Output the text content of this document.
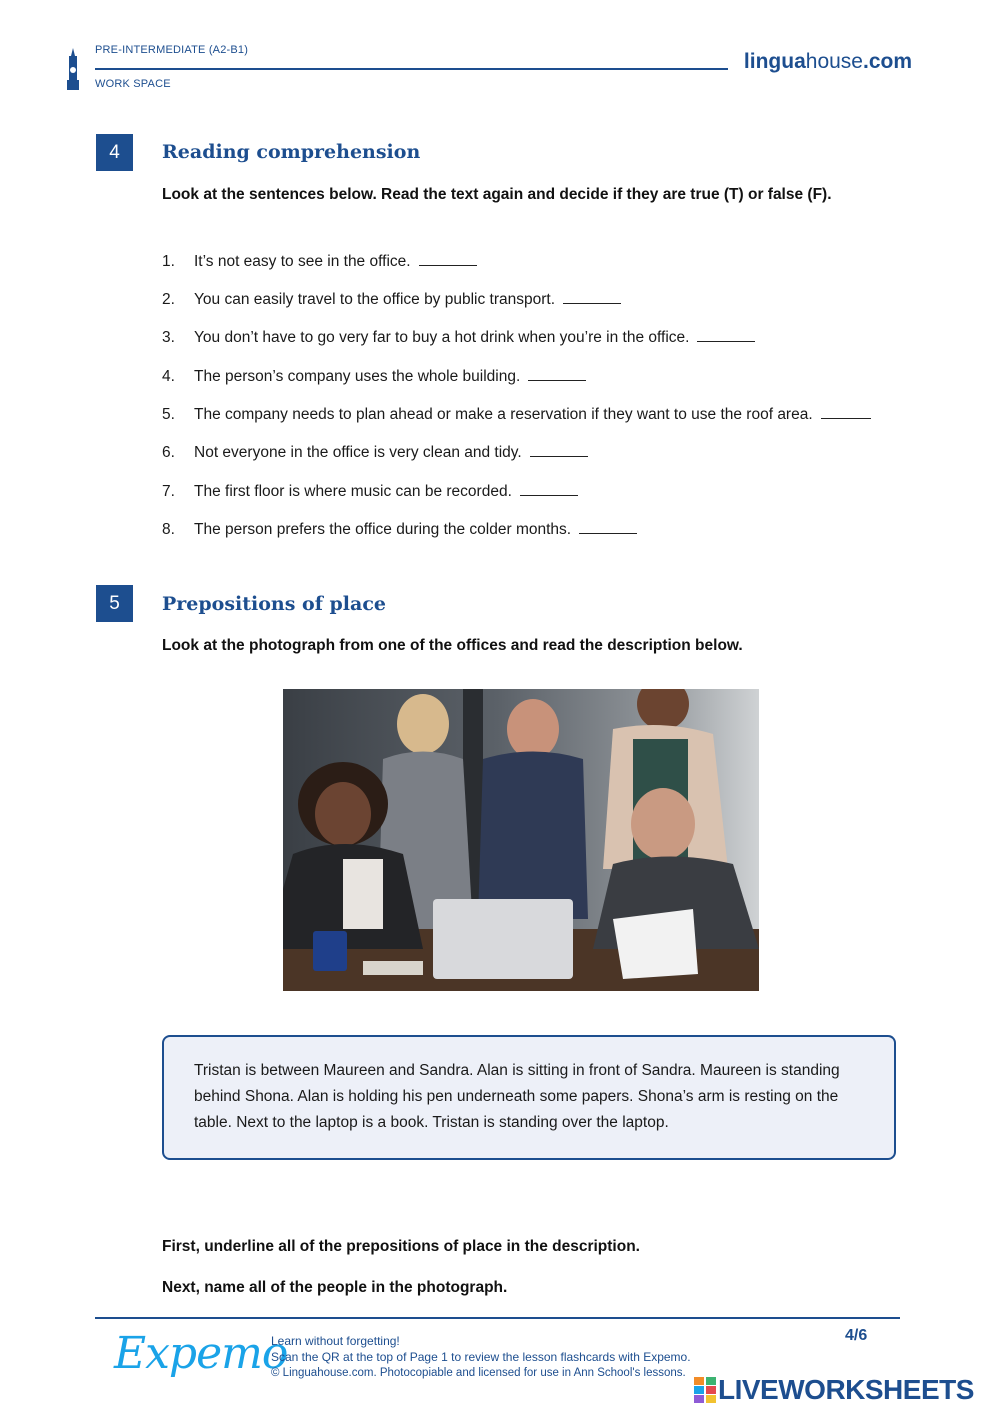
PRE-INTERMEDIATE (A2-B1)
WORK SPACE
linguahouse.com
4	Reading comprehension
Look at the sentences below. Read the text again and decide if they are true (T) or false (F).
1.	It’s not easy to see in the office.
2.	You can easily travel to the office by public transport.
3.	You don’t have to go very far to buy a hot drink when you’re in the office.
4.	The person’s company uses the whole building.
5.	The company needs to plan ahead or make a reservation if they want to use the roof area.
6.	Not everyone in the office is very clean and tidy.
7.	The first floor is where music can be recorded.
8.	The person prefers the office during the colder months.
5	Prepositions of place
Look at the photograph from one of the offices and read the description below.
Tristan is between Maureen and Sandra. Alan is sitting in front of Sandra. Maureen is standing behind Shona. Alan is holding his pen underneath some papers. Shona’s arm is resting on the table. Next to the laptop is a book. Tristan is standing over the laptop.
First, underline all of the prepositions of place in the description.
Next, name all of the people in the photograph.
Expemo
Learn without forgetting!
Scan the QR at the top of Page 1 to review the lesson flashcards with Expemo.
© Linguahouse.com. Photocopiable and licensed for use in Ann School's lessons.
4/6
LIVEWORKSHEETS
